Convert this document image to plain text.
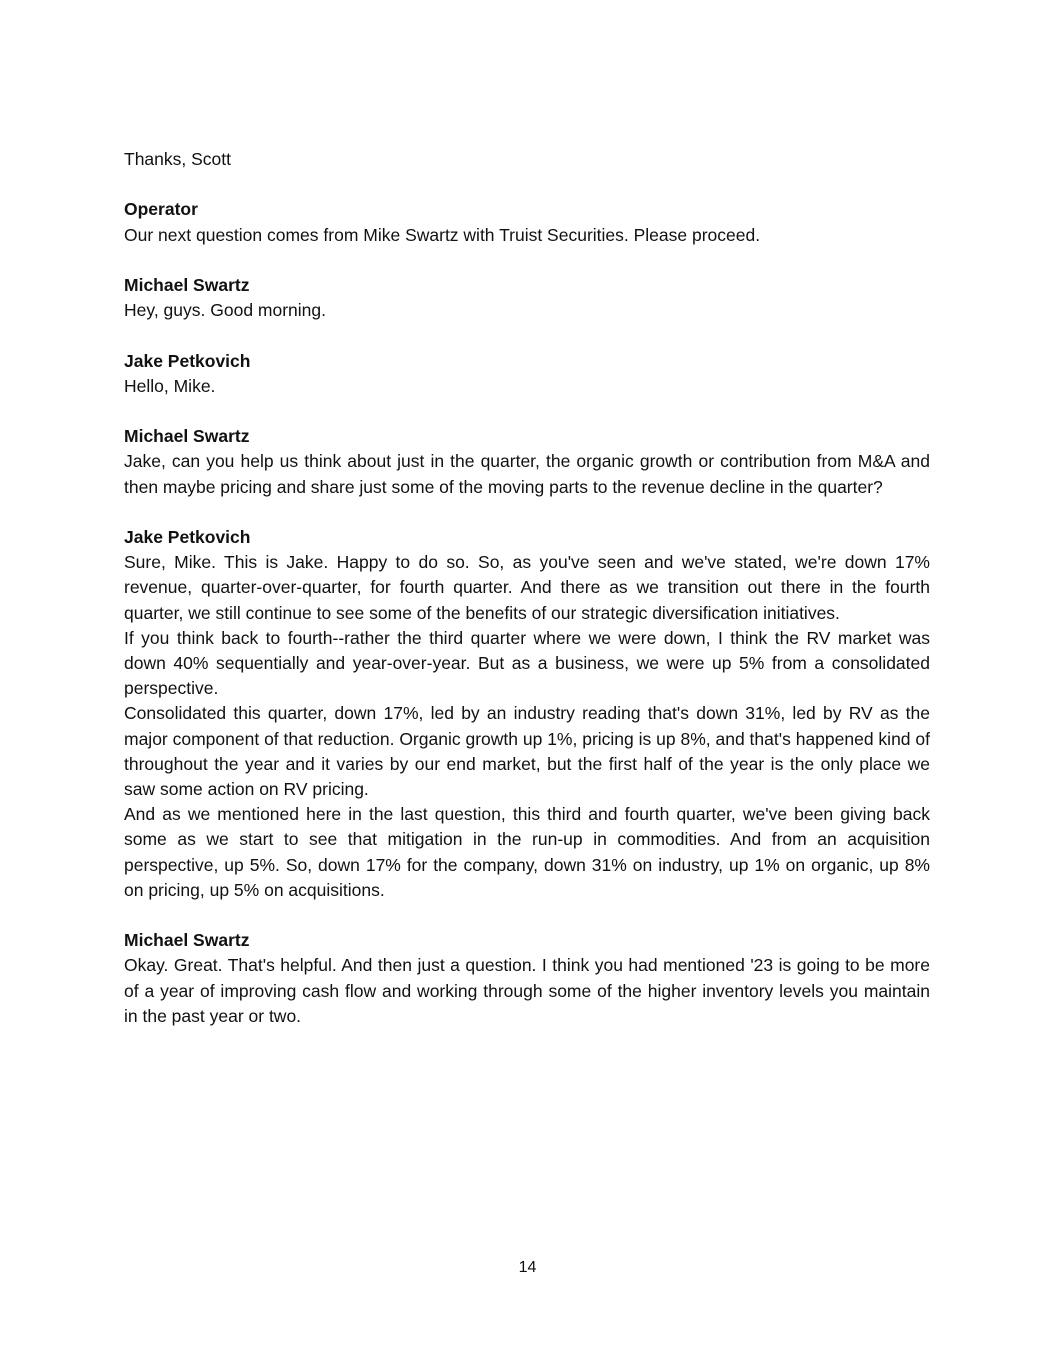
Thanks, Scott

Operator

Our next question comes from Mike Swartz with Truist Securities. Please proceed.

Michael Swartz

Hey, guys. Good morning.

Jake Petkovich

Hello, Mike.

Michael Swartz

Jake, can you help us think about just in the quarter, the organic growth or contribution from M&A and then maybe pricing and share just some of the moving parts to the revenue decline in the quarter?

Jake Petkovich

Sure, Mike. This is Jake. Happy to do so. So, as you've seen and we've stated, we're down 17% revenue, quarter-over-quarter, for fourth quarter. And there as we transition out there in the fourth quarter, we still continue to see some of the benefits of our strategic diversification initiatives.

If you think back to fourth--rather the third quarter where we were down, I think the RV market was down 40% sequentially and year-over-year. But as a business, we were up 5% from a consolidated perspective.

Consolidated this quarter, down 17%, led by an industry reading that's down 31%, led by RV as the major component of that reduction. Organic growth up 1%, pricing is up 8%, and that's happened kind of throughout the year and it varies by our end market, but the first half of the year is the only place we saw some action on RV pricing.

And as we mentioned here in the last question, this third and fourth quarter, we've been giving back some as we start to see that mitigation in the run-up in commodities. And from an acquisition perspective, up 5%. So, down 17% for the company, down 31% on industry, up 1% on organic, up 8% on pricing, up 5% on acquisitions.

Michael Swartz

Okay. Great. That's helpful. And then just a question. I think you had mentioned '23 is going to be more of a year of improving cash flow and working through some of the higher inventory levels you maintain in the past year or two.

14
